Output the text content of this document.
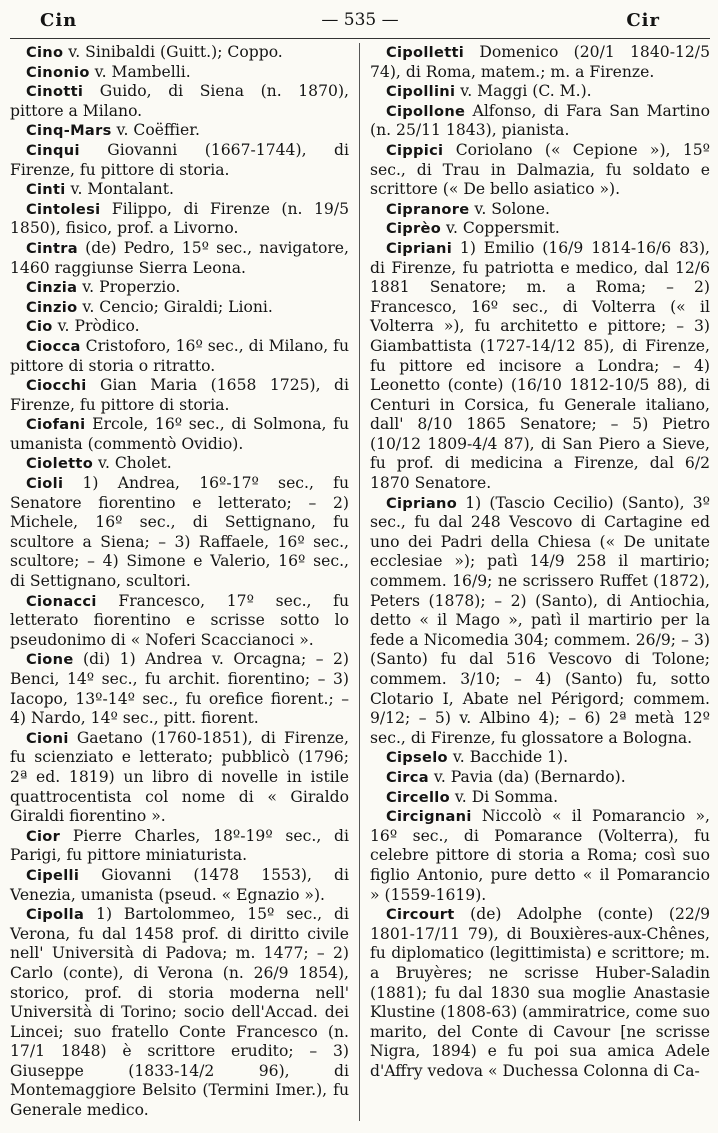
Cin	— 535 —	Cir

Cino v. Sinibaldi (Guitt.); Coppo.

Cinonio v. Mambelli.

Cinotti Guido, di Siena (n. 1870), pittore a Milano.

Cinq-Mars v. Coëffier.

Cinqui Giovanni (1667-1744), di Firenze, fu pittore di storia.

Cinti v. Montalant.

Cintolesi Filippo, di Firenze (n. 19/5 1850), fisico, prof. a Livorno.

Cintra (de) Pedro, 15º sec., navigatore, 1460 raggiunse Sierra Leona.

Cinzia v. Properzio.

Cinzio v. Cencio; Giraldi; Lioni.

Cio v. Pròdico.

Ciocca Cristoforo, 16º sec., di Milano, fu pittore di storia o ritratto.

Ciocchi Gian Maria (1658 1725), di Firenze, fu pittore di storia.

Ciofani Ercole, 16º sec., di Solmona, fu umanista (commentò Ovidio).

Cioletto v. Cholet.

Cioli 1) Andrea, 16º-17º sec., fu Senatore fiorentino e letterato; – 2) Michele, 16º sec., di Settignano, fu scultore a Siena; – 3) Raffaele, 16º sec., scultore; – 4) Simone e Valerio, 16º sec., di Settignano, scultori.

Cionacci Francesco, 17º sec., fu letterato fiorentino e scrisse sotto lo pseudonimo di « Noferi Scaccianoci ».

Cione (di) 1) Andrea v. Orcagna; – 2) Benci, 14º sec., fu archit. fiorentino; – 3) Iacopo, 13º-14º sec., fu orefice fiorent.; – 4) Nardo, 14º sec., pitt. fiorent.

Cioni Gaetano (1760-1851), di Firenze, fu scienziato e letterato; pubblicò (1796; 2ª ed. 1819) un libro di novelle in istile quattrocentista col nome di « Giraldo Giraldi fiorentino ».

Cior Pierre Charles, 18º-19º sec., di Parigi, fu pittore miniaturista.

Cipelli Giovanni (1478 1553), di Venezia, umanista (pseud. « Egnazio »).

Cipolla 1) Bartolommeo, 15º sec., di Verona, fu dal 1458 prof. di diritto civile nell' Università di Padova; m. 1477; – 2) Carlo (conte), di Verona (n. 26/9 1854), storico, prof. di storia moderna nell' Università di Torino; socio dell'Accad. dei Lincei; suo fratello Conte Francesco (n. 17/1 1848) è scrittore erudito; – 3) Giuseppe (1833-14/2 96), di Montemaggiore Belsito (Termini Imer.), fu Generale medico.

Cipolletti Domenico (20/1 1840-12/5 74), di Roma, matem.; m. a Firenze.

Cipollini v. Maggi (C. M.).

Cipollone Alfonso, di Fara San Martino (n. 25/11 1843), pianista.

Cippici Coriolano (« Cepione »), 15º sec., di Trau in Dalmazia, fu soldato e scrittore (« De bello asiatico »).

Cipranore v. Solone.

Ciprèo v. Coppersmit.

Cipriani 1) Emilio (16/9 1814-16/6 83), di Firenze, fu patriotta e medico, dal 12/6 1881 Senatore; m. a Roma; – 2) Francesco, 16º sec., di Volterra (« il Volterra »), fu architetto e pittore; – 3) Giambattista (1727-14/12 85), di Firenze, fu pittore ed incisore a Londra; – 4) Leonetto (conte) (16/10 1812-10/5 88), di Centuri in Corsica, fu Generale italiano, dall' 8/10 1865 Senatore; – 5) Pietro (10/12 1809-4/4 87), di San Piero a Sieve, fu prof. di medicina a Firenze, dal 6/2 1870 Senatore.

Cipriano 1) (Tascio Cecilio) (Santo), 3º sec., fu dal 248 Vescovo di Cartagine ed uno dei Padri della Chiesa (« De unitate ecclesiae »); patì 14/9 258 il martirio; commem. 16/9; ne scrissero Ruffet (1872), Peters (1878); – 2) (Santo), di Antiochia, detto « il Mago », patì il martirio per la fede a Nicomedia 304; commem. 26/9; – 3) (Santo) fu dal 516 Vescovo di Tolone; commem. 3/10; – 4) (Santo) fu, sotto Clotario I, Abate nel Périgord; commem. 9/12; – 5) v. Albino 4); – 6) 2ª metà 12º sec., di Firenze, fu glossatore a Bologna.

Cipselo v. Bacchide 1).

Circa v. Pavia (da) (Bernardo).

Circello v. Di Somma.

Circignani Niccolò « il Pomarancio », 16º sec., di Pomarance (Volterra), fu celebre pittore di storia a Roma; così suo figlio Antonio, pure detto « il Pomarancio » (1559-1619).

Circourt (de) Adolphe (conte) (22/9 1801-17/11 79), di Bouxières-aux-Chênes, fu diplomatico (legittimista) e scrittore; m. a Bruyères; ne scrisse Huber-Saladin (1881); fu dal 1830 sua moglie Anastasie Klustine (1808-63) (ammiratrice, come suo marito, del Conte di Cavour [ne scrisse Nigra, 1894) e fu poi sua amica Adele d'Affry vedova « Duchessa Colonna di Ca-
